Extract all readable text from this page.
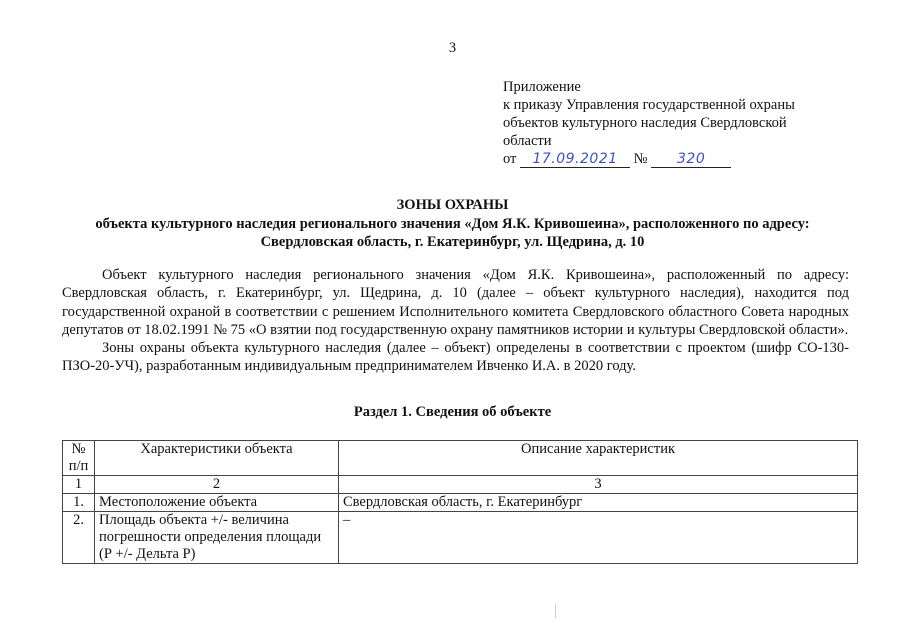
3
Приложение
к приказу Управления государственной охраны
объектов культурного наследия Свердловской
области
от 17.09.2021 № 320
ЗОНЫ ОХРАНЫ
объекта культурного наследия регионального значения «Дом Я.К. Кривошеина», расположенного по адресу:
Свердловская область, г. Екатеринбург, ул. Щедрина, д. 10

Объект культурного наследия регионального значения «Дом Я.К. Кривошеина», расположенный по адресу: Свердловская область, г. Екатеринбург, ул. Щедрина, д. 10 (далее – объект культурного наследия), находится под государственной охраной в соответствии с решением Исполнительного комитета Свердловского областного Совета народных депутатов от 18.02.1991 № 75 «О взятии под государственную охрану памятников истории и культуры Свердловской области».

Зоны охраны объекта культурного наследия (далее – объект) определены в соответствии с проектом (шифр СО-130-ПЗО-20-УЧ), разработанным индивидуальным предпринимателем Ивченко И.А. в 2020 году.

Раздел 1. Сведения об объекте
№ п/п	Характеристики объекта	Описание характеристик
1	2	3
1.	Местоположение объекта	Свердловская область, г. Екатеринбург
2.	Площадь объекта +/- величина погрешности определения площади (Р +/- Дельта Р)	–
